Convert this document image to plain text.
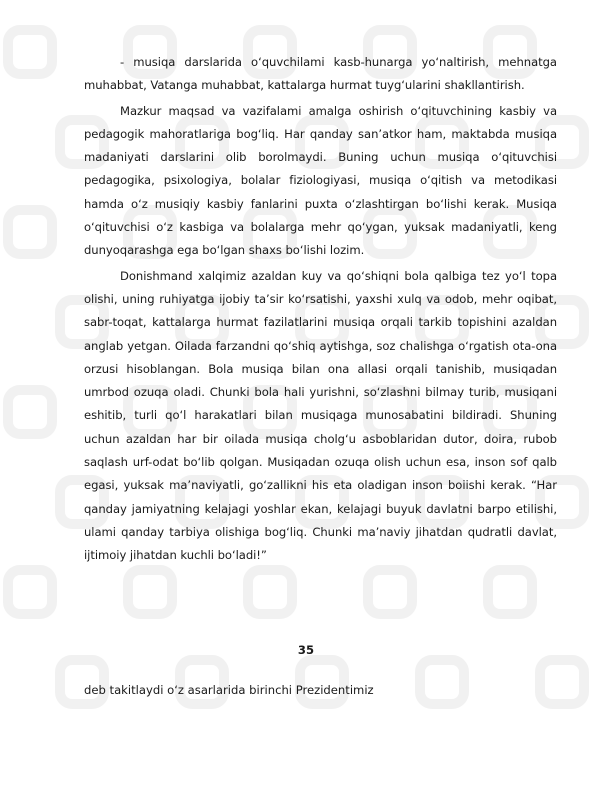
- musiqa darslarida o‘quvchilami kasb-hunarga yo‘naltirish, mehnatga muhabbat, Vatanga muhabbat, kattalarga hurmat tuyg‘ularini shakllantirish.

Mazkur maqsad va vazifalami amalga oshirish o‘qituvchining kasbiy va pedagogik mahoratlariga bog‘liq. Har qanday san’atkor ham, maktabda musiqa madaniyati darslarini olib borolmaydi. Buning uchun musiqa o‘qituvchisi pedagogika, psixologiya, bolalar fiziologiyasi, musiqa o‘qitish va metodikasi hamda o‘z musiqiy kasbiy fanlarini puxta o‘zlashtirgan bo‘lishi kerak. Musiqa o‘qituvchisi o‘z kasbiga va bolalarga mehr qo‘ygan, yuksak madaniyatli, keng dunyoqarashga ega bo‘lgan shaxs bo‘lishi lozim.

Donishmand xalqimiz azaldan kuy va qo‘shiqni bola qalbiga tez yo‘l topa olishi, uning ruhiyatga ijobiy ta’sir ko‘rsatishi, yaxshi xulq va odob, mehr oqibat, sabr-toqat, kattalarga hurmat fazilatlarini musiqa orqali tarkib topishini azaldan anglab yetgan. Oilada farzandni qo‘shiq aytishga, soz chalishga o‘rgatish ota-ona orzusi hisoblangan. Bola musiqa bilan ona allasi orqali tanishib, musiqadan umrbod ozuqa oladi. Chunki bola hali yurishni, so‘zlashni bilmay turib, musiqani eshitib, turli qo‘l harakatlari bilan musiqaga munosabatini bildiradi. Shuning uchun azaldan har bir oilada musiqa cholg‘u asboblaridan dutor, doira, rubob saqlash urf-odat bo‘lib qolgan. Musiqadan ozuqa olish uchun esa, inson sof qalb egasi, yuksak ma’naviyatli, go‘zallikni his eta oladigan inson boiishi kerak. “Har qanday jamiyatning kelajagi yoshlar ekan, kelajagi buyuk davlatni barpo etilishi, ulami qanday tarbiya olishiga bog‘liq. Chunki ma’naviy jihatdan qudratli davlat, ijtimoiy jihatdan kuchli bo‘ladi!”

35
deb takitlaydi o‘z asarlarida birinchi Prezidentimiz
